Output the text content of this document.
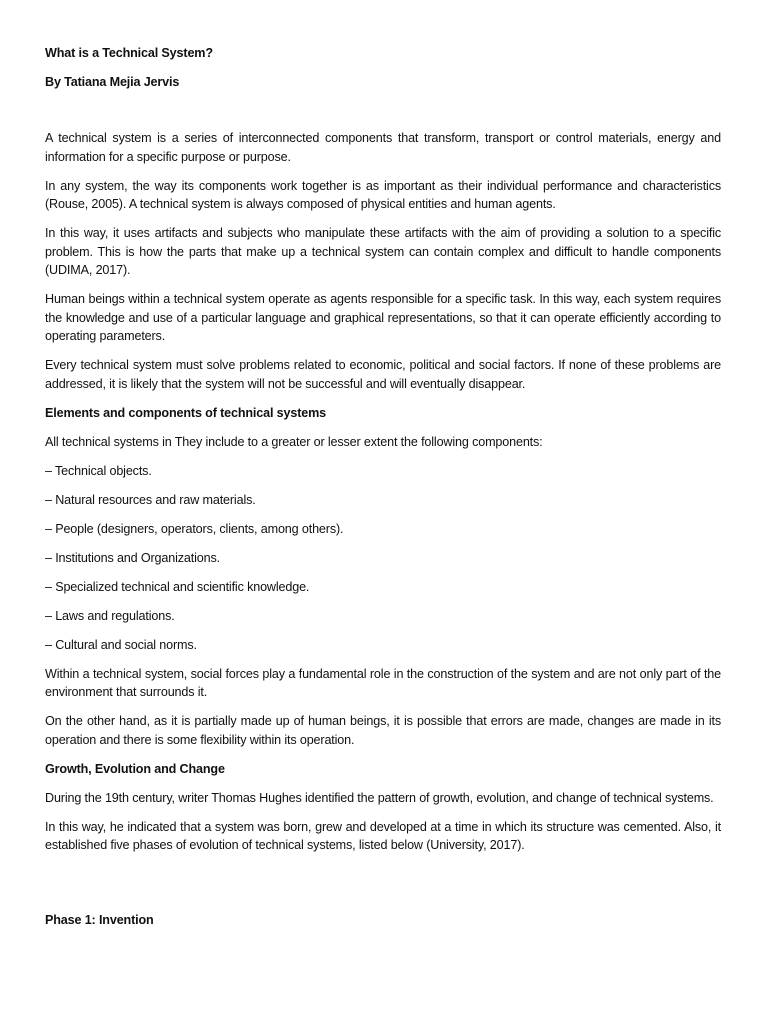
What is a Technical System?
By Tatiana Mejia Jervis

A technical system is a series of interconnected components that transform, transport or control materials, energy and information for a specific purpose or purpose.

In any system, the way its components work together is as important as their individual performance and characteristics (Rouse, 2005). A technical system is always composed of physical entities and human agents.

In this way, it uses artifacts and subjects who manipulate these artifacts with the aim of providing a solution to a specific problem. This is how the parts that make up a technical system can contain complex and difficult to handle components (UDIMA, 2017).

Human beings within a technical system operate as agents responsible for a specific task. In this way, each system requires the knowledge and use of a particular language and graphical representations, so that it can operate efficiently according to operating parameters.

Every technical system must solve problems related to economic, political and social factors. If none of these problems are addressed, it is likely that the system will not be successful and will eventually disappear.

Elements and components of technical systems

All technical systems in They include to a greater or lesser extent the following components:

– Technical objects.
– Natural resources and raw materials.
– People (designers, operators, clients, among others).
– Institutions and Organizations.
– Specialized technical and scientific knowledge.
– Laws and regulations.
– Cultural and social norms.

Within a technical system, social forces play a fundamental role in the construction of the system and are not only part of the environment that surrounds it.

On the other hand, as it is partially made up of human beings, it is possible that errors are made, changes are made in its operation and there is some flexibility within its operation.

Growth, Evolution and Change

During the 19th century, writer Thomas Hughes identified the pattern of growth, evolution, and change of technical systems.

In this way, he indicated that a system was born, grew and developed at a time in which its structure was cemented. Also, it established five phases of evolution of technical systems, listed below (University, 2017).

Phase 1: Invention
